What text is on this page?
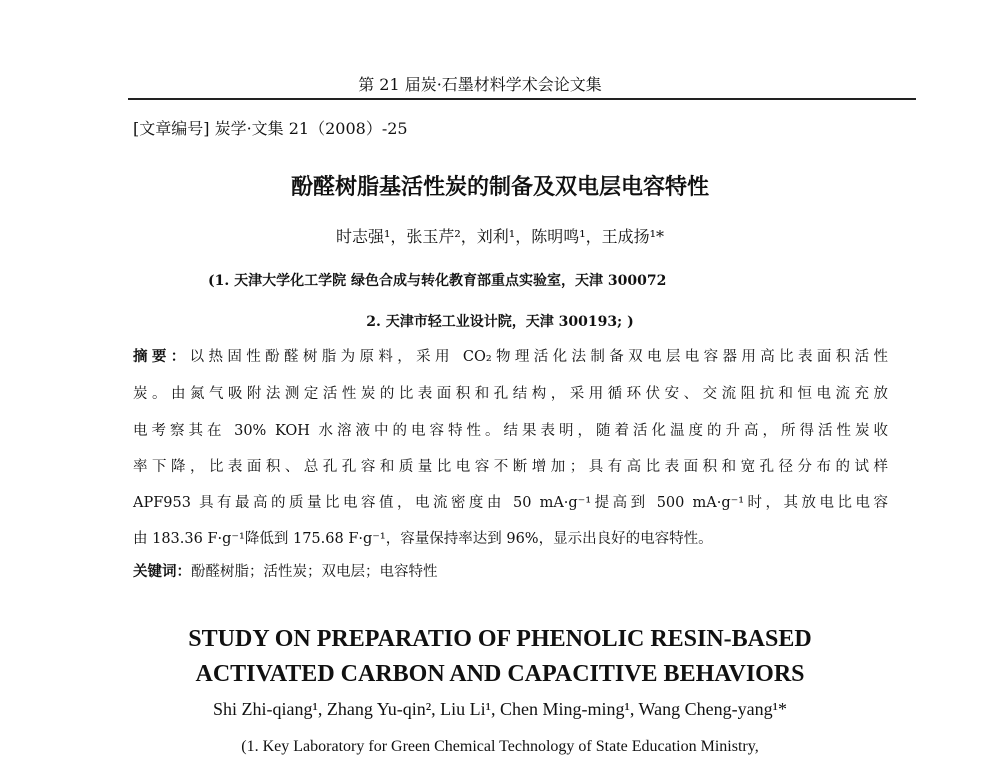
第 21 届炭·石墨材料学术会论文集
[文章编号] 炭学·文集 21（2008）-25
酚醛树脂基活性炭的制备及双电层电容特性
时志强¹，张玉芹²，刘利¹，陈明鸣¹，王成扬¹*
(1. 天津大学化工学院 绿色合成与转化教育部重点实验室，天津 300072
2. 天津市轻工业设计院，天津 300193; )
摘要：以热固性酚醛树脂为原料，采用 CO₂物理活化法制备双电层电容器用高比表面积活性
炭。由氮气吸附法测定活性炭的比表面积和孔结构，采用循环伏安、交流阻抗和恒电流充放
电考察其在 30% KOH 水溶液中的电容特性。结果表明，随着活化温度的升高，所得活性炭收
率下降，比表面积、总孔孔容和质量比电容不断增加；具有高比表面积和宽孔径分布的试样
APF953 具有最高的质量比电容值，电流密度由 50 mA·g⁻¹提高到 500 mA·g⁻¹时，其放电比电容
由 183.36 F·g⁻¹降低到 175.68 F·g⁻¹，容量保持率达到 96%，显示出良好的电容特性。
关键词：酚醛树脂；活性炭；双电层；电容特性
STUDY ON PREPARATIO OF PHENOLIC RESIN-BASED
ACTIVATED CARBON AND CAPACITIVE BEHAVIORS
Shi Zhi-qiang¹, Zhang Yu-qin², Liu Li¹, Chen Ming-ming¹, Wang Cheng-yang¹*
(1. Key Laboratory for Green Chemical Technology of State Education Ministry,
